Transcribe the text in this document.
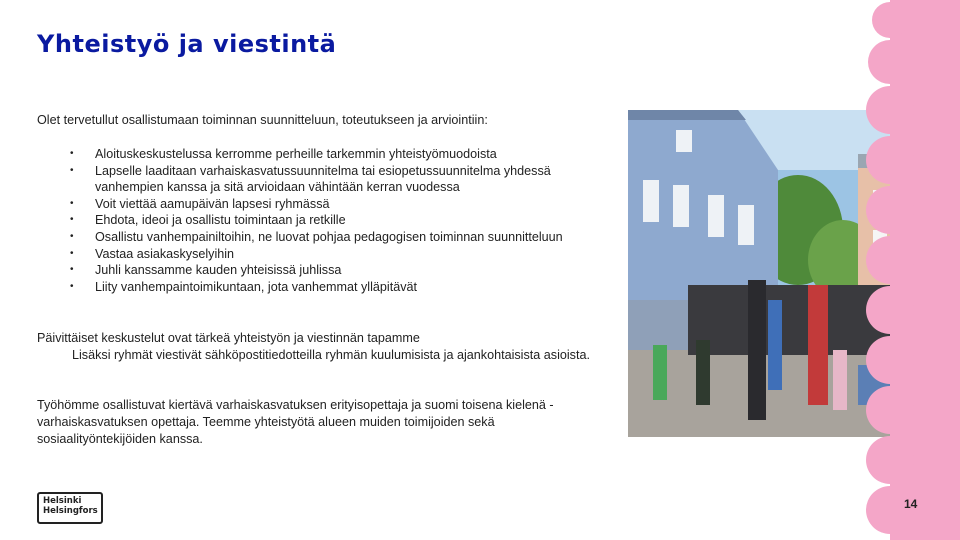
Yhteistyö ja viestintä
Olet tervetullut osallistumaan toiminnan suunnitteluun, toteutukseen ja arviointiin:
• Aloituskeskustelussa kerromme perheille tarkemmin yhteistyömuodoista
• Lapselle laaditaan varhaiskasvatussuunnitelma tai esiopetussuunnitelma yhdessä vanhempien kanssa ja sitä arvioidaan vähintään kerran vuodessa
• Voit viettää aamupäivän lapsesi ryhmässä
• Ehdota, ideoi ja osallistu toimintaan ja retkille
• Osallistu vanhempainiltoihin, ne luovat pohjaa pedagogisen toiminnan suunnitteluun
• Vastaa asiakaskyselyihin
• Juhli kanssamme kauden yhteisissä juhlissa
• Liity vanhempaintoimikuntaan, jota vanhemmat ylläpitävät
Päivittäiset keskustelut ovat tärkeä yhteistyön ja viestinnän tapamme
Lisäksi ryhmät viestivät sähköpostitiedotteilla ryhmän kuulumisista ja ajankohtaisista asioista.
Työhömme osallistuvat kiertävä varhaiskasvatuksen erityisopettaja ja suomi toisena kielenä -varhaiskasvatuksen opettaja. Teemme yhteistyötä alueen muiden toimijoiden sekä sosiaalityöntekijöiden kanssa.
Helsinki
Helsingfors	14
